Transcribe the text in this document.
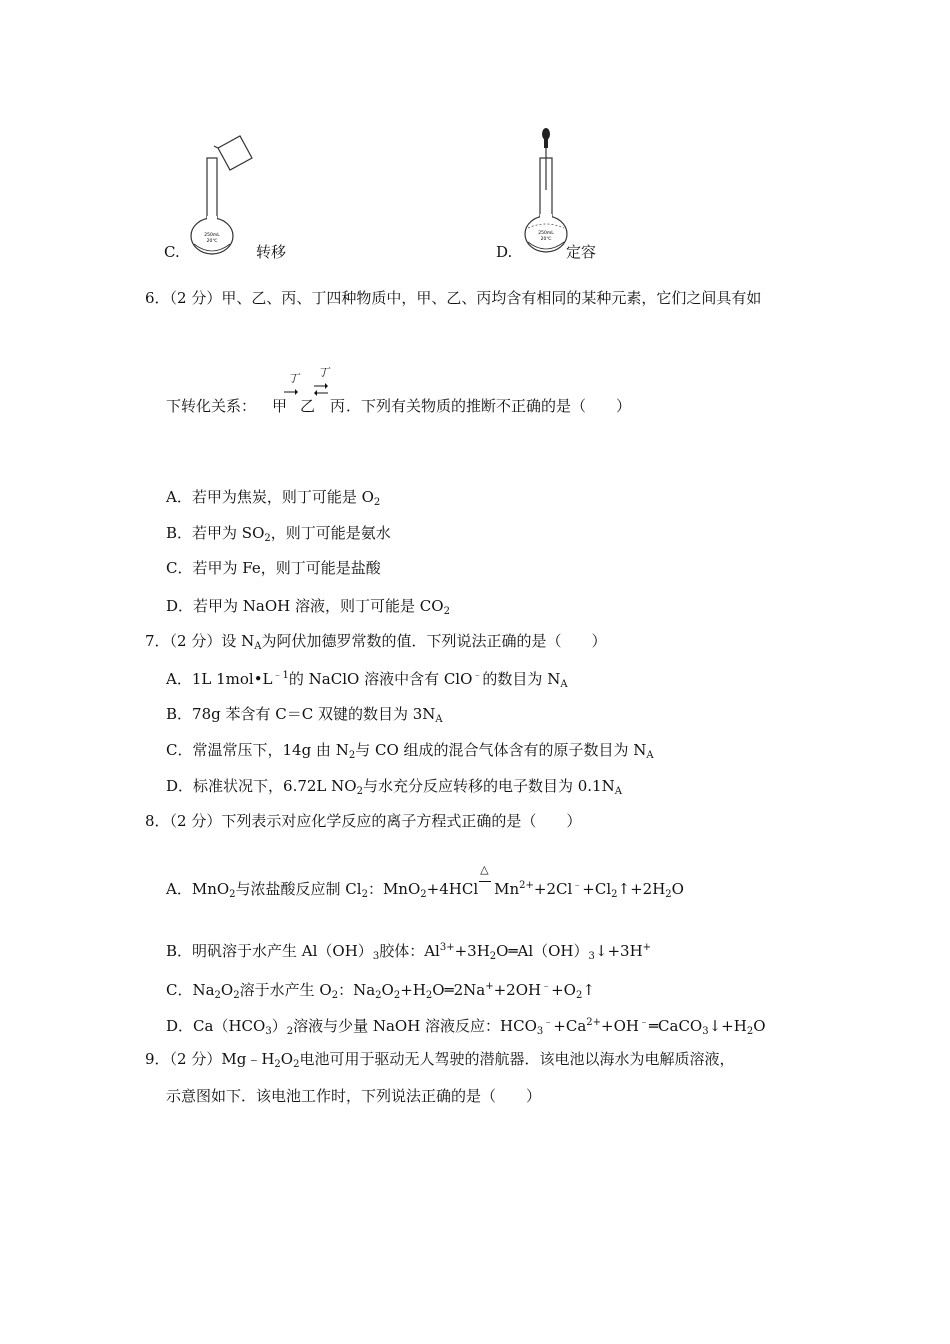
250mL
20℃
C.	转移
250mL
20℃
D.	定容
6．（2 分）甲、乙、丙、丁四种物质中，甲、乙、丙均含有相同的某种元素，它们之间具有如
下转化关系： 甲
丁
乙
丁
丙 ．下列有关物质的推断不正确的是（　　）
A．若甲为焦炭，则丁可能是 $O_2$
B．若甲为 $SO_2$，则丁可能是氨水
C．若甲为 Fe，则丁可能是盐酸
D．若甲为 NaOH 溶液，则丁可能是 $CO_2$
7．（2 分）设 $N_A$为阿伏加德罗常数的值．下列说法正确的是（　　）
A．1L $1mol•L^{﹣1}$的 NaClO 溶液中含有 ClO﹣的数目为 $N_A$
B．78g 苯含有 C＝C 双键的数目为 $3N_A$
C．常温常压下，14g 由 $N_2$与 CO 组成的混合气体含有的原子数目为 $N_A$
D．标准状况下，6.72L $NO_2$与水充分反应转移的电子数目为 $0.1N_A$
8．（2 分）下列表示对应化学反应的离子方程式正确的是（　　）
A．MnO$_2$与浓盐酸反应制 $Cl_2$：MnO$_2$+4HCl
△
$Mn^{2+}+2Cl^﹣+Cl_2↑+2H_2O$
B．明矾溶于水产生 $Al(OH)_3$胶体：$Al^{3+}+3H_2O═Al(OH)_3↓+3H^+$
C．$Na_2O_2$溶于水产生 $O_2$：$Na_2O_2+H_2O═2Na^++2OH^﹣+O_2↑$
D．$Ca(HCO_3)_2$溶液与少量 NaOH 溶液反应：$HCO_3^﹣+Ca^{2+}+OH^﹣═CaCO_3↓+H_2O$
9．（2 分）$Mg﹣H_2O_2$电池可用于驱动无人驾驶的潜航器．该电池以海水为电解质溶液，
示意图如下．该电池工作时，下列说法正确的是（　　）
